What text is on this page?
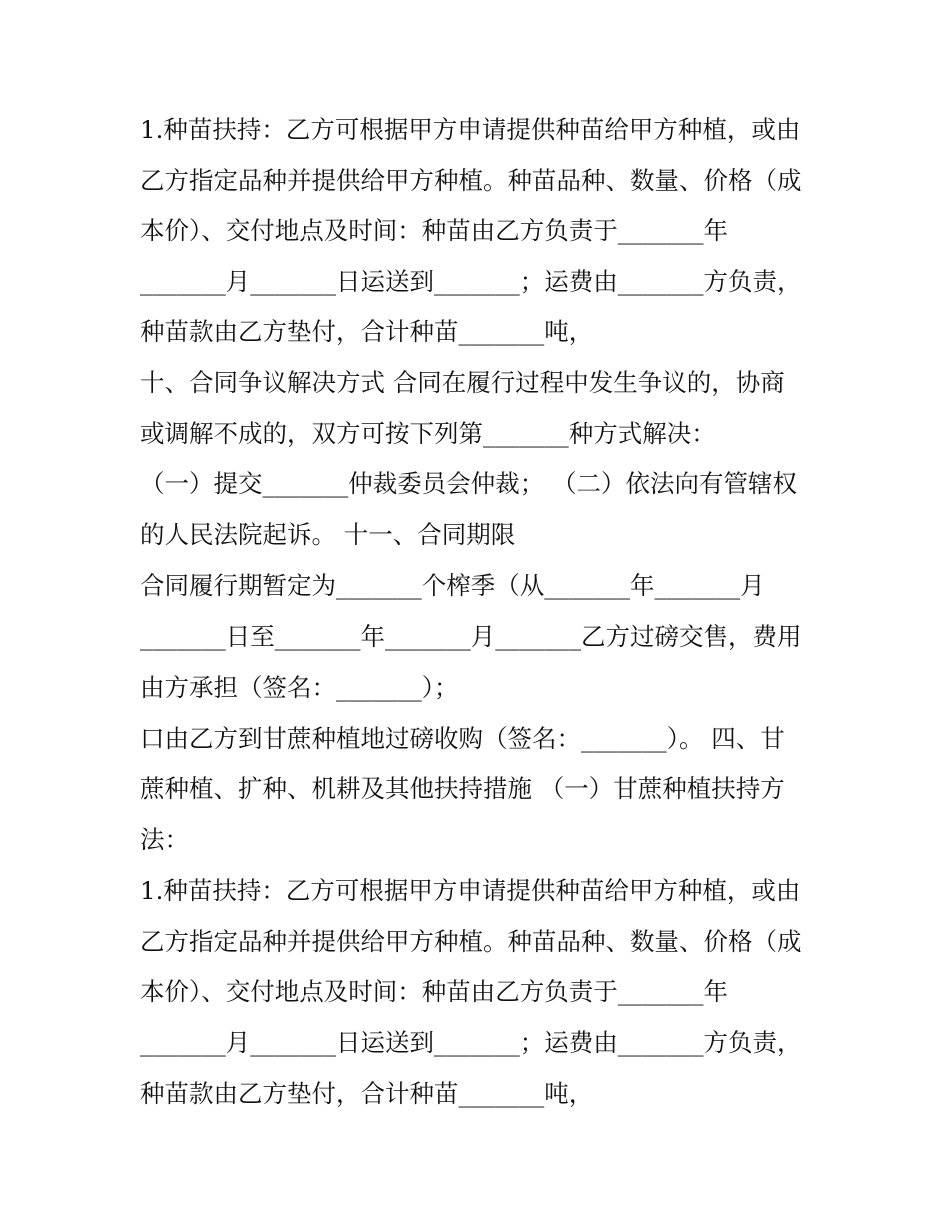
1.种苗扶持：乙方可根据甲方申请提供种苗给甲方种植，或由

乙方指定品种并提供给甲方种植。种苗品种、数量、价格（成

本价）、交付地点及时间：种苗由乙方负责于_______年

_______月_______日运送到_______；运费由_______方负责，

种苗款由乙方垫付，合计种苗_______吨，

十、合同争议解决方式 合同在履行过程中发生争议的，协商

或调解不成的，双方可按下列第_______种方式解决：

（一）提交_______仲裁委员会仲裁； （二）依法向有管辖权

的人民法院起诉。 十一、合同期限

合同履行期暂定为_______个榨季（从_______年_______月

_______日至_______年_______月_______乙方过磅交售，费用

由方承担（签名：_______）；

口由乙方到甘蔗种植地过磅收购（签名：_______）。 四、甘

蔗种植、扩种、机耕及其他扶持措施 （一）甘蔗种植扶持方

法：

1.种苗扶持：乙方可根据甲方申请提供种苗给甲方种植，或由

乙方指定品种并提供给甲方种植。种苗品种、数量、价格（成

本价）、交付地点及时间：种苗由乙方负责于_______年

_______月_______日运送到_______；运费由_______方负责，

种苗款由乙方垫付，合计种苗_______吨，
